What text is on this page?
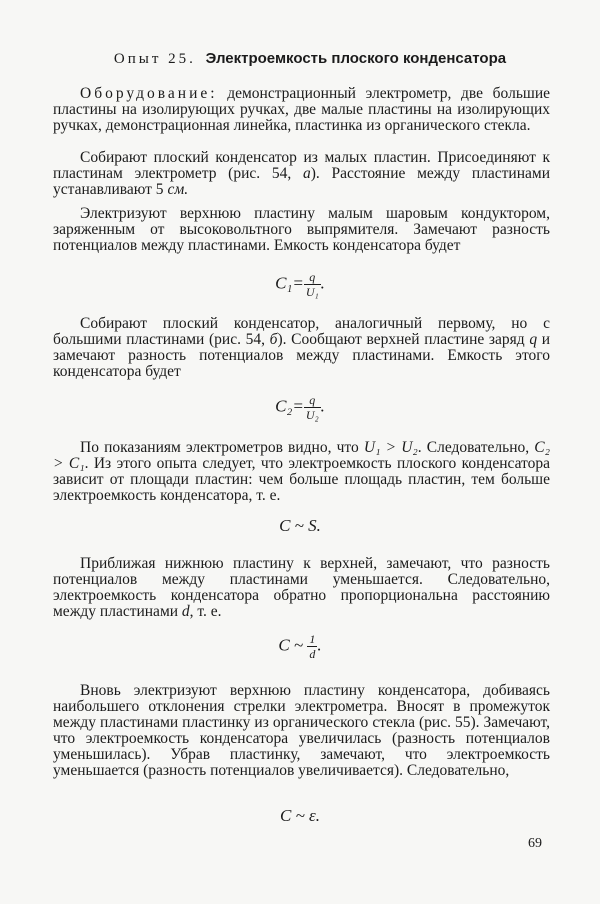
Опыт 25. Электроемкость плоского конденсатора

Оборудование: демонстрационный электрометр, две большие пластины на изолирующих ручках, две малые пластины на изолирующих ручках, демонстрационная линейка, пластинка из органического стекла.

Собирают плоский конденсатор из малых пластин. Присоединяют к пластинам электрометр (рис. 54, а). Расстояние между пластинами устанавливают 5 см.

Электризуют верхнюю пластину малым шаровым кондуктором, заряженным от высоковольтного выпрямителя. Замечают разность потенциалов между пластинами. Емкость конденсатора будет

$C_1= \frac{q}{\text{U₁}}$ .

Собирают плоский конденсатор, аналогичный первому, но с большими пластинами (рис. 54, б). Сообщают верхней пластине заряд q и замечают разность потенциалов между пластинами. Емкость этого конденсатора будет

$C_2= \frac{q}{\text{U₂}}$ .

По показаниям электрометров видно, что U₁ > U₂. Следовательно, C₂ > C₁. Из этого опыта следует, что электроемкость плоского конденсатора зависит от площади пластин: чем больше площадь пластин, тем больше электроемкость конденсатора, т. е.

C ~ S.

Приближая нижнюю пластину к верхней, замечают, что разность потенциалов между пластинами уменьшается. Следовательно, электроемкость конденсатора обратно пропорциональна расстоянию между пластинами d, т. е.

C ~ $\frac{1}{d}$ .

Вновь электризуют верхнюю пластину конденсатора, добиваясь наибольшего отклонения стрелки электрометра. Вносят в промежуток между пластинами пластинку из органического стекла (рис. 55). Замечают, что электроемкость конденсатора увеличилась (разность потенциалов уменьшилась). Убрав пластинку, замечают, что электроемкость уменьшается (разность потенциалов увеличивается). Следовательно,

C ~ ε.
69
